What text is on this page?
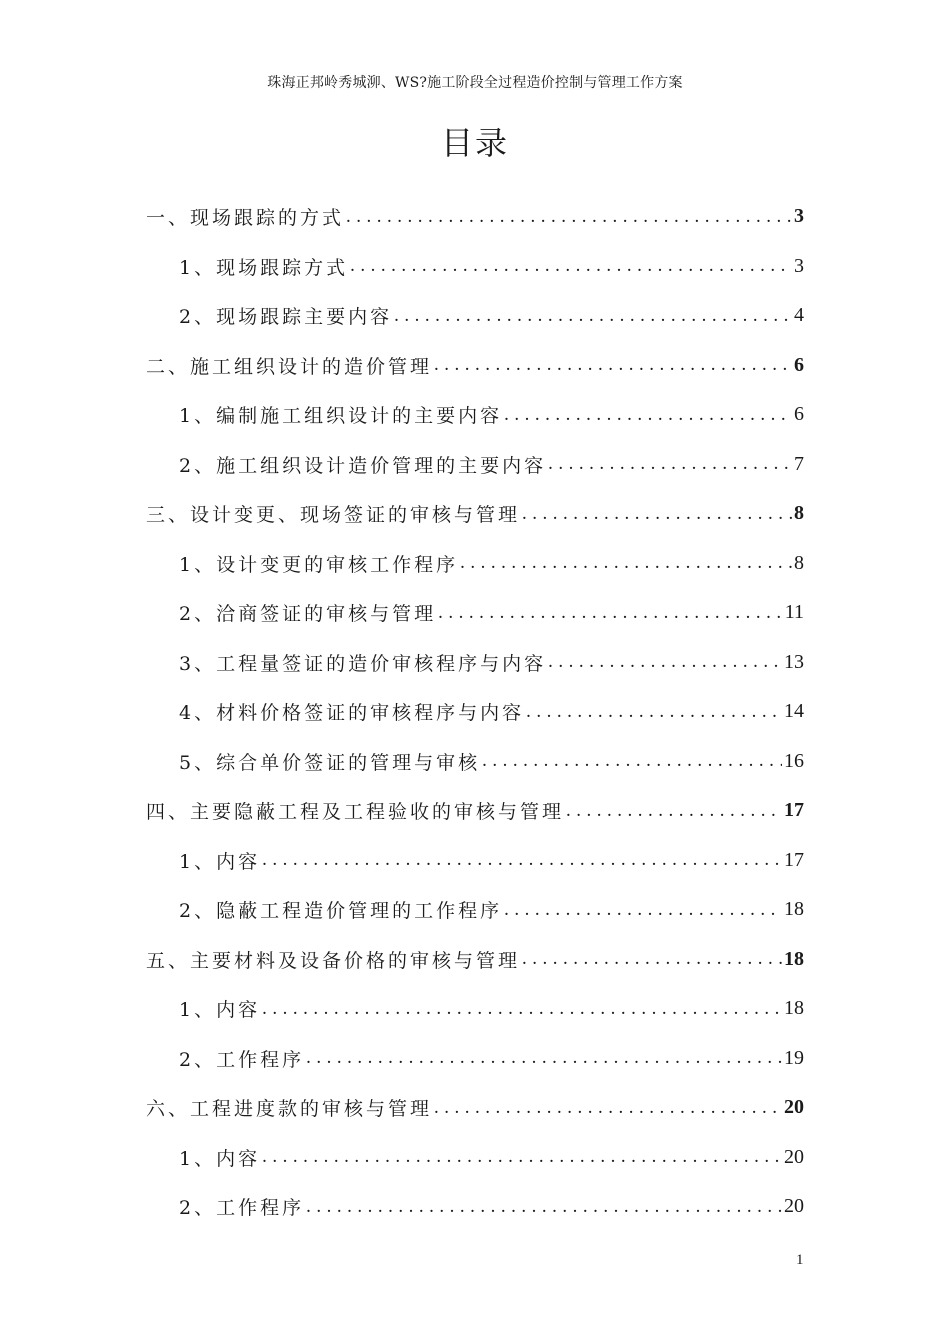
珠海正邦岭秀城泖、WS?施工阶段全过程造价控制与管理工作方案
目录
一、现场跟踪的方式 .....	3
1、现场跟踪方式 .....	3
2、现场跟踪主要内容 .....	4
二、施工组织设计的造价管理 .....	6
1、编制施工组织设计的主要内容 .....	6
2、施工组织设计造价管理的主要内容 .....	7
三、设计变更、现场签证的审核与管理 .....	8
1、设计变更的审核工作程序 .....	8
2、洽商签证的审核与管理 .....	11
3、工程量签证的造价审核程序与内容 .....	13
4、材料价格签证的审核程序与内容 .....	14
5、综合单价签证的管理与审核 .....	16
四、主要隐蔽工程及工程验收的审核与管理 .....	17
1、内容 .....	17
2、隐蔽工程造价管理的工作程序 .....	18
五、主要材料及设备价格的审核与管理 .....	18
1、内容 .....	18
2、工作程序 .....	19
六、工程进度款的审核与管理 .....	20
1、内容 .....	20
2、工作程序 .....	20
1
